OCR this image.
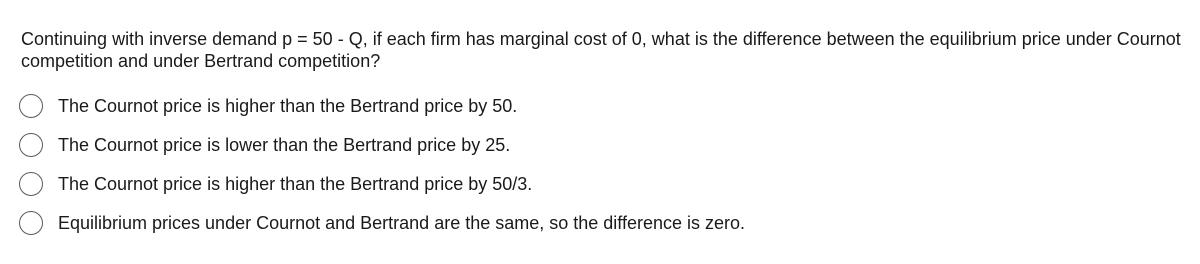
Continuing with inverse demand p = 50 - Q, if each firm has marginal cost of 0, what is the difference between the equilibrium price under Cournot competition and under Bertrand competition?
The Cournot price is higher than the Bertrand price by 50.
The Cournot price is lower than the Bertrand price by 25.
The Cournot price is higher than the Bertrand price by 50/3.
Equilibrium prices under Cournot and Bertrand are the same, so the difference is zero.
